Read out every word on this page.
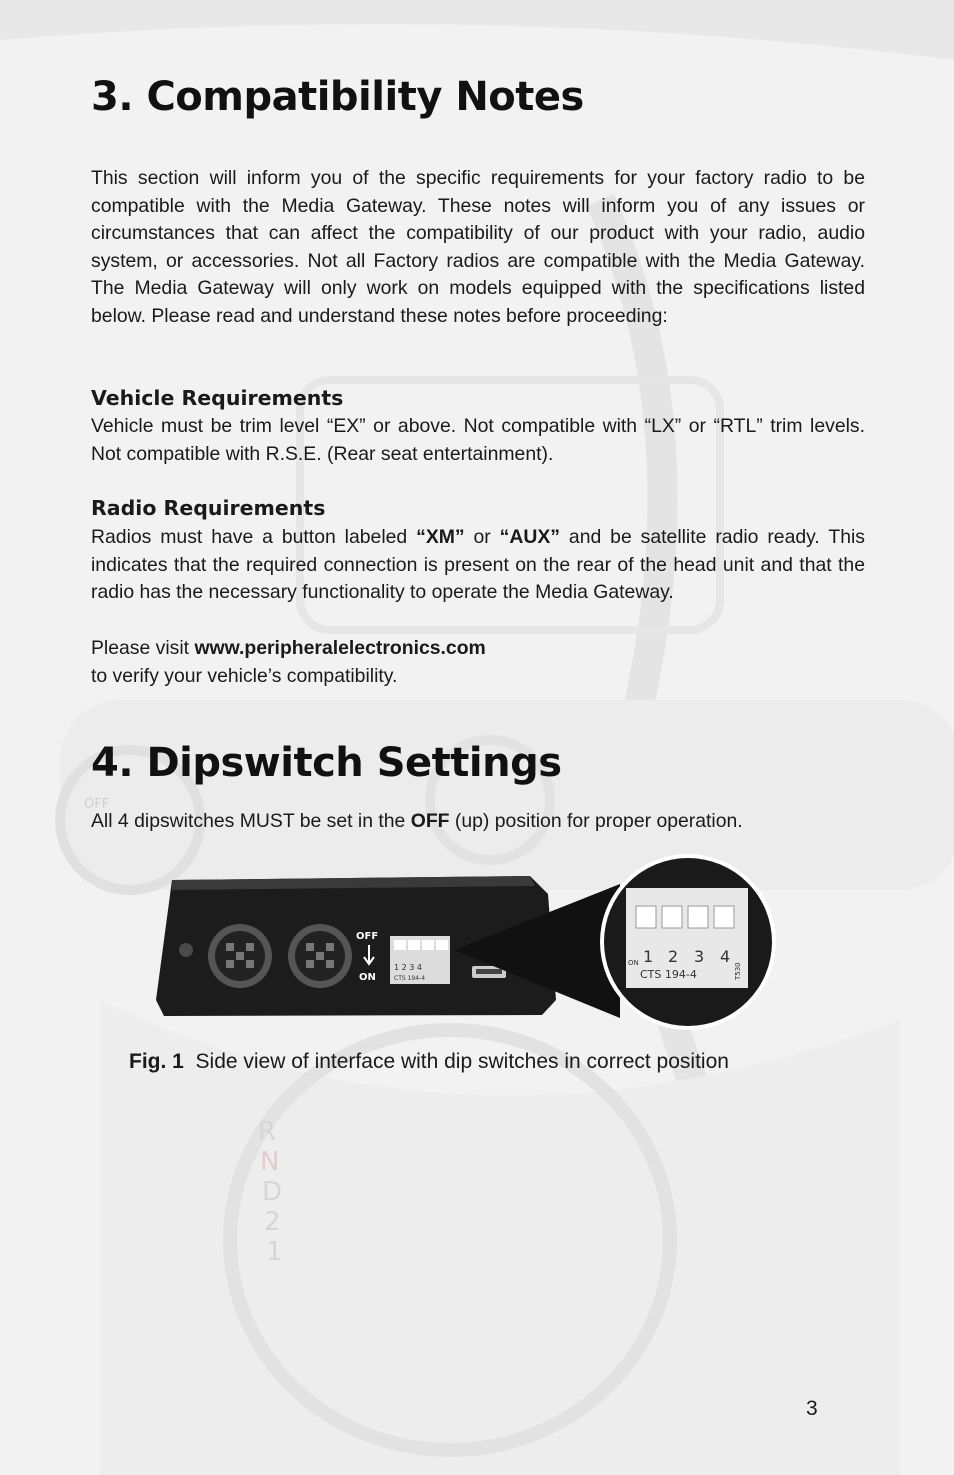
OFF
R
N
D
2
1
3. Compatibility Notes

This section will inform you of the specific requirements for your factory radio to be compatible with the Media Gateway. These notes will inform you of any issues or circumstances that can affect the compatibility of our product with your radio, audio system, or accessories. Not all Factory radios are compatible with the Media Gateway. The Media Gateway will only work on models equipped with the specifications listed below. Please read and understand these notes before proceeding:

Vehicle Requirements

Vehicle must be trim level “EX” or above. Not compatible with “LX” or “RTL” trim levels. Not compatible with R.S.E. (Rear seat entertainment).

Radio Requirements

Radios must have a button labeled “XM” or “AUX” and be satellite radio ready. This indicates that the required connection is present on the rear of the head unit and that the radio has the necessary functionality to operate the Media Gateway.

Please visit www.peripheralelectronics.com
to verify your vehicle’s compatibility.

4. Dipswitch Settings

All 4 dipswitches MUST be set in the OFF (up) position for proper operation.

OFF
ON
1 2 3 4
CTS 194-4
1 2 3 4
CTS 194-4
ON	T530
Fig. 1 Side view of interface with dip switches in correct position
3
